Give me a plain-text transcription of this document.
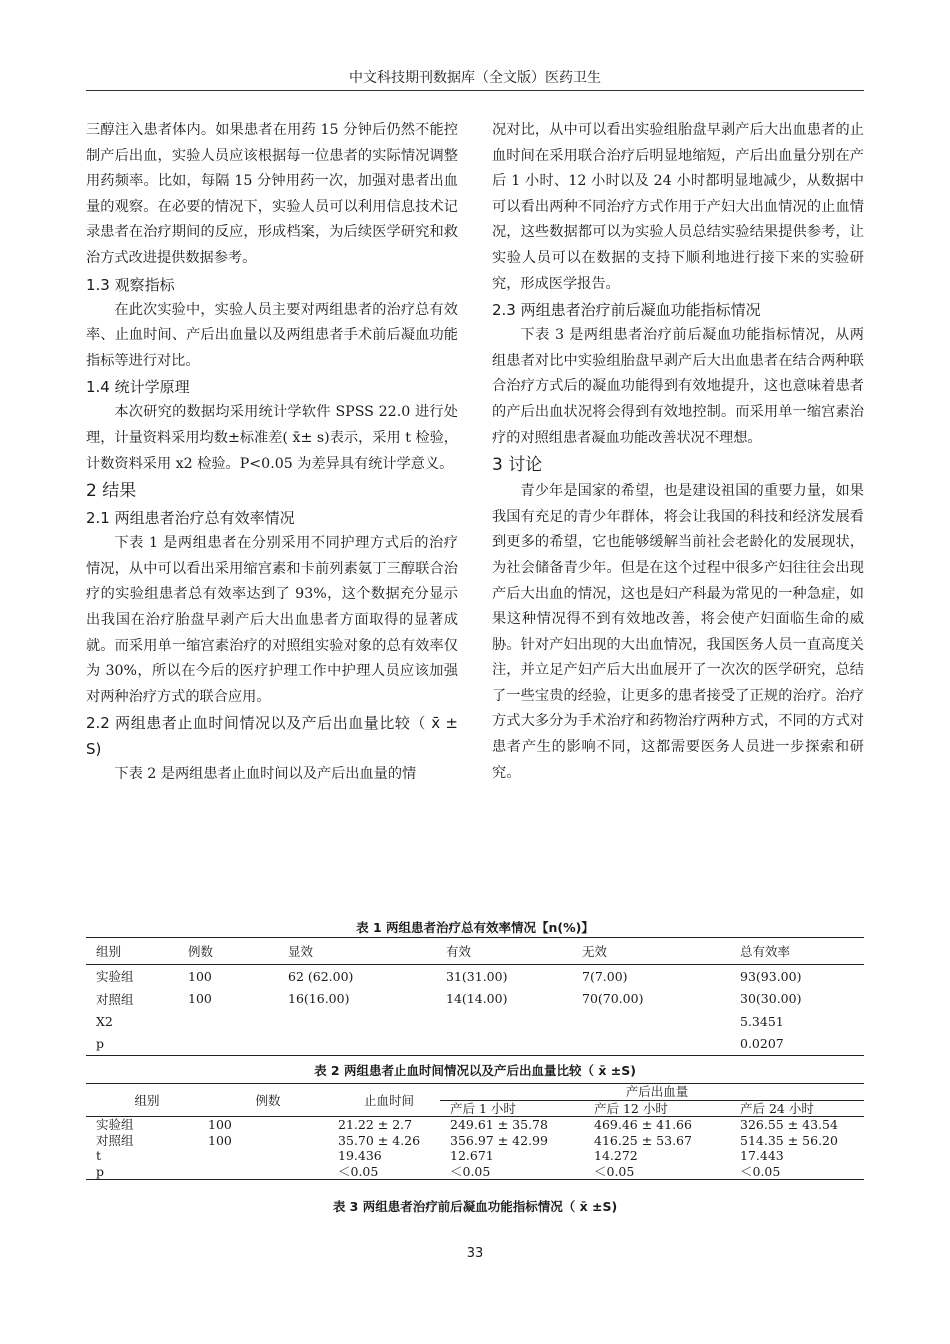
中文科技期刊数据库（全文版）医药卫生

三醇注入患者体内。如果患者在用药 15 分钟后仍然不能控制产后出血，实验人员应该根据每一位患者的实际情况调整用药频率。比如，每隔 15 分钟用药一次，加强对患者出血量的观察。在必要的情况下，实验人员可以利用信息技术记录患者在治疗期间的反应，形成档案，为后续医学研究和救治方式改进提供数据参考。

1.3 观察指标

在此次实验中，实验人员主要对两组患者的治疗总有效率、止血时间、产后出血量以及两组患者手术前后凝血功能指标等进行对比。

1.4 统计学原理

本次研究的数据均采用统计学软件 SPSS 22.0 进行处理，计量资料采用均数±标准差( x̄± s)表示，采用 t 检验，计数资料采用 x2 检验。P<0.05 为差异具有统计学意义。

2 结果

2.1 两组患者治疗总有效率情况

下表 1 是两组患者在分别采用不同护理方式后的治疗情况，从中可以看出采用缩宫素和卡前列素氨丁三醇联合治疗的实验组患者总有效率达到了 93%，这个数据充分显示出我国在治疗胎盘早剥产后大出血患者方面取得的显著成就。而采用单一缩宫素治疗的对照组实验对象的总有效率仅为 30%，所以在今后的医疗护理工作中护理人员应该加强对两种治疗方式的联合应用。

2.2 两组患者止血时间情况以及产后出血量比较（ x̄ ± S)

下表 2 是两组患者止血时间以及产后出血量的情

况对比，从中可以看出实验组胎盘早剥产后大出血患者的止血时间在采用联合治疗后明显地缩短，产后出血量分别在产后 1 小时、12 小时以及 24 小时都明显地减少，从数据中可以看出两种不同治疗方式作用于产妇大出血情况的止血情况，这些数据都可以为实验人员总结实验结果提供参考，让实验人员可以在数据的支持下顺利地进行接下来的实验研究，形成医学报告。

2.3 两组患者治疗前后凝血功能指标情况

下表 3 是两组患者治疗前后凝血功能指标情况，从两组患者对比中实验组胎盘早剥产后大出血患者在结合两种联合治疗方式后的凝血功能得到有效地提升，这也意味着患者的产后出血状况将会得到有效地控制。而采用单一缩宫素治疗的对照组患者凝血功能改善状况不理想。

3 讨论

青少年是国家的希望，也是建设祖国的重要力量，如果我国有充足的青少年群体，将会让我国的科技和经济发展看到更多的希望，它也能够缓解当前社会老龄化的发展现状，为社会储备青少年。但是在这个过程中很多产妇往往会出现产后大出血的情况，这也是妇产科最为常见的一种急症，如果这种情况得不到有效地改善，将会使产妇面临生命的威胁。针对产妇出现的大出血情况，我国医务人员一直高度关注，并立足产妇产后大出血展开了一次次的医学研究，总结了一些宝贵的经验，让更多的患者接受了正规的治疗。治疗方式大多分为手术治疗和药物治疗两种方式，不同的方式对患者产生的影响不同，这都需要医务人员进一步探索和研究。

表 1 两组患者治疗总有效率情况【n(%)】
组别	例数	显效	有效	无效	总有效率
实验组	100	62 (62.00)	31(31.00)	7(7.00)	93(93.00)
对照组	100	16(16.00)	14(14.00)	70(70.00)	30(30.00)
X2					5.3451
p					0.0207
表 2 两组患者止血时间情况以及产后出血量比较（ x̄ ±S)
组别	例数	止血时间	产后出血量		
			产后 1 小时	产后 12 小时	产后 24 小时
实验组	100	21.22 ± 2.7	249.61 ± 35.78	469.46 ± 41.66	326.55 ± 43.54
对照组	100	35.70 ± 4.26	356.97 ± 42.99	416.25 ± 53.67	514.35 ± 56.20
t		19.436	12.671	14.272	17.443
p		＜0.05	＜0.05	＜0.05	＜0.05
表 3 两组患者治疗前后凝血功能指标情况（ x̄ ±S)
33
